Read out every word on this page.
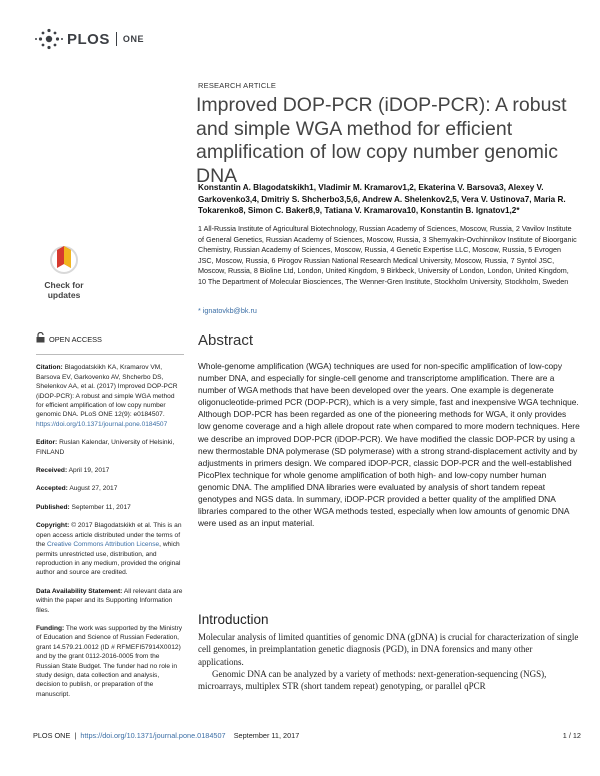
PLOS ONE
RESEARCH ARTICLE
Improved DOP-PCR (iDOP-PCR): A robust and simple WGA method for efficient amplification of low copy number genomic DNA
Konstantin A. Blagodatskikh1, Vladimir M. Kramarov1,2, Ekaterina V. Barsova3, Alexey V. Garkovenko3,4, Dmitriy S. Shcherbo3,5,6, Andrew A. Shelenkov2,5, Vera V. Ustinova7, Maria R. Tokarenko8, Simon C. Baker8,9, Tatiana V. Kramarova10, Konstantin B. Ignatov1,2*
1 All-Russia Institute of Agricultural Biotechnology, Russian Academy of Sciences, Moscow, Russia, 2 Vavilov Institute of General Genetics, Russian Academy of Sciences, Moscow, Russia, 3 Shemyakin-Ovchinnikov Institute of Bioorganic Chemistry, Russian Academy of Sciences, Moscow, Russia, 4 Genetic Expertise LLC, Moscow, Russia, 5 Evrogen JSC, Moscow, Russia, 6 Pirogov Russian National Research Medical University, Moscow, Russia, 7 Syntol JSC, Moscow, Russia, 8 Bioline Ltd, London, United Kingdom, 9 Birkbeck, University of London, London, United Kingdom, 10 The Department of Molecular Biosciences, The Wenner-Gren Institute, Stockholm University, Stockholm, Sweden
* ignatovkb@bk.ru
Check for
updates
OPEN ACCESS
Citation: Blagodatskikh KA, Kramarov VM, Barsova EV, Garkovenko AV, Shcherbo DS, Shelenkov AA, et al. (2017) Improved DOP-PCR (iDOP-PCR): A robust and simple WGA method for efficient amplification of low copy number genomic DNA. PLoS ONE 12(9): e0184507. https://doi.org/10.1371/journal.pone.0184507
Editor: Ruslan Kalendar, University of Helsinki, FINLAND
Received: April 19, 2017
Accepted: August 27, 2017
Published: September 11, 2017
Copyright: © 2017 Blagodatskikh et al. This is an open access article distributed under the terms of the Creative Commons Attribution License, which permits unrestricted use, distribution, and reproduction in any medium, provided the original author and source are credited.
Data Availability Statement: All relevant data are within the paper and its Supporting Information files.
Funding: The work was supported by the Ministry of Education and Science of Russian Federation, grant 14.579.21.0012 (ID # RFMEFI57914X0012) and by the grant 0112-2016-0005 from the Russian State Budget. The funder had no role in study design, data collection and analysis, decision to publish, or preparation of the manuscript.
Abstract
Whole-genome amplification (WGA) techniques are used for non-specific amplification of low-copy number DNA, and especially for single-cell genome and transcriptome amplification. There are a number of WGA methods that have been developed over the years. One example is degenerate oligonucleotide-primed PCR (DOP-PCR), which is a very simple, fast and inexpensive WGA technique. Although DOP-PCR has been regarded as one of the pioneering methods for WGA, it only provides low genome coverage and a high allele dropout rate when compared to more modern techniques. Here we describe an improved DOP-PCR (iDOP-PCR). We have modified the classic DOP-PCR by using a new thermostable DNA polymerase (SD polymerase) with a strong strand-displacement activity and by adjustments in primers design. We compared iDOP-PCR, classic DOP-PCR and the well-established PicoPlex technique for whole genome amplification of both high- and low-copy number human genomic DNA. The amplified DNA libraries were evaluated by analysis of short tandem repeat genotypes and NGS data. In summary, iDOP-PCR provided a better quality of the amplified DNA libraries compared to the other WGA methods tested, especially when low amounts of genomic DNA were used as an input material.
Introduction

Molecular analysis of limited quantities of genomic DNA (gDNA) is crucial for characterization of single cell genomes, in preimplantation genetic diagnosis (PGD), in DNA forensics and many other applications.

Genomic DNA can be analyzed by a variety of methods: next-generation-sequencing (NGS), microarrays, multiplex STR (short tandem repeat) genotyping, or parallel qPCR

PLOS ONE  |  https://doi.org/10.1371/journal.pone.0184507 September 11, 2017	1 / 12
